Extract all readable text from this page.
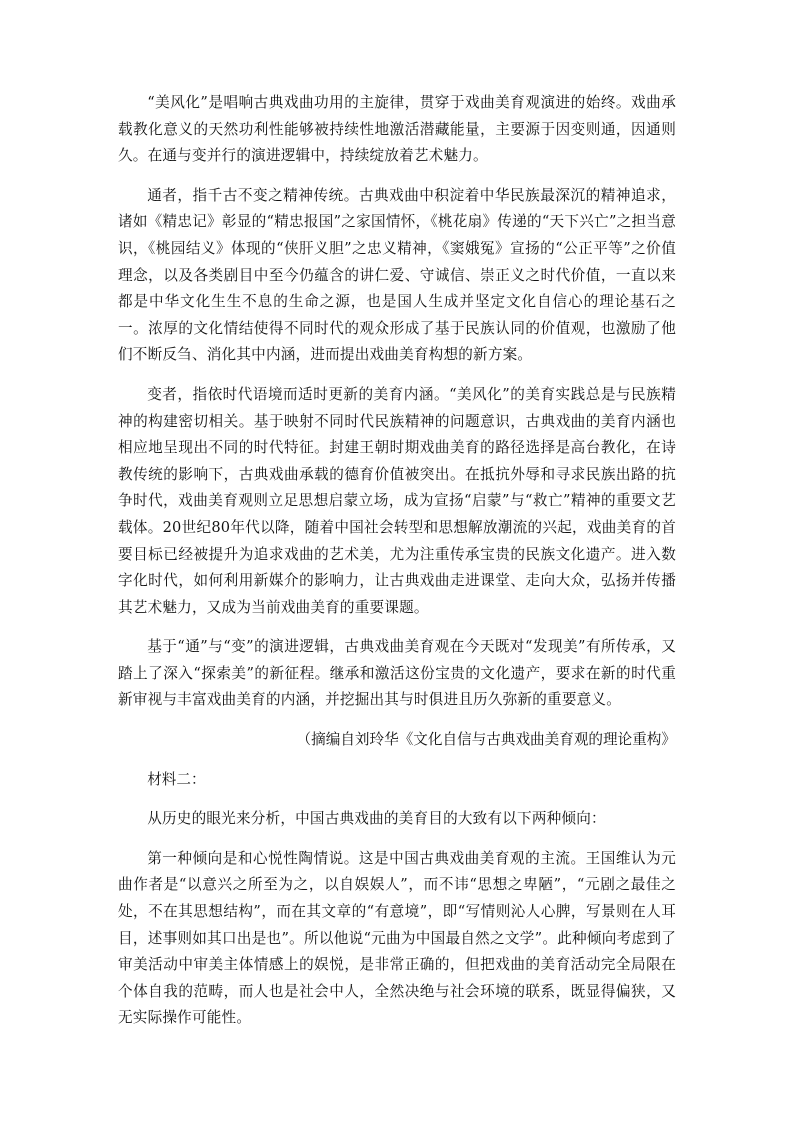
“美风化”是唱响古典戏曲功用的主旋律，贯穿于戏曲美育观演进的始终。戏曲承载教化意义的天然功利性能够被持续性地激活潜藏能量，主要源于因变则通，因通则久。在通与变并行的演进逻辑中，持续绽放着艺术魅力。

通者，指千古不变之精神传统。古典戏曲中积淀着中华民族最深沉的精神追求，诸如《精忠记》彰显的“精忠报国”之家国情怀，《桃花扇》传递的“天下兴亡”之担当意识，《桃园结义》体现的“侠肝义胆”之忠义精神，《窦娥冤》宣扬的“公正平等”之价值理念，以及各类剧目中至今仍蕴含的讲仁爱、守诚信、崇正义之时代价值，一直以来都是中华文化生生不息的生命之源，也是国人生成并坚定文化自信心的理论基石之一。浓厚的文化情结使得不同时代的观众形成了基于民族认同的价值观，也激励了他们不断反刍、消化其中内涵，进而提出戏曲美育构想的新方案。

变者，指依时代语境而适时更新的美育内涵。“美风化”的美育实践总是与民族精神的构建密切相关。基于映射不同时代民族精神的问题意识，古典戏曲的美育内涵也相应地呈现出不同的时代特征。封建王朝时期戏曲美育的路径选择是高台教化，在诗教传统的影响下，古典戏曲承载的德育价值被突出。在抵抗外辱和寻求民族出路的抗争时代，戏曲美育观则立足思想启蒙立场，成为宣扬“启蒙”与“救亡”精神的重要文艺载体。20世纪80年代以降，随着中国社会转型和思想解放潮流的兴起，戏曲美育的首要目标已经被提升为追求戏曲的艺术美，尤为注重传承宝贵的民族文化遗产。进入数字化时代，如何利用新媒介的影响力，让古典戏曲走进课堂、走向大众，弘扬并传播其艺术魅力，又成为当前戏曲美育的重要课题。

基于“通”与“变”的演进逻辑，古典戏曲美育观在今天既对“发现美”有所传承，又踏上了深入“探索美”的新征程。继承和激活这份宝贵的文化遗产，要求在新的时代重新审视与丰富戏曲美育的内涵，并挖掘出其与时俱进且历久弥新的重要意义。

（摘编自刘玲华《文化自信与古典戏曲美育观的理论重构》

材料二：

从历史的眼光来分析，中国古典戏曲的美育目的大致有以下两种倾向：

第一种倾向是和心悦性陶情说。这是中国古典戏曲美育观的主流。王国维认为元曲作者是“以意兴之所至为之，以自娱娱人”，而不讳“思想之卑陋”，“元剧之最佳之处，不在其思想结构”，而在其文章的“有意境”，即“写情则沁人心脾，写景则在人耳目，述事则如其口出是也”。所以他说“元曲为中国最自然之文学”。此种倾向考虑到了审美活动中审美主体情感上的娱悦，是非常正确的，但把戏曲的美育活动完全局限在个体自我的范畴，而人也是社会中人，全然决绝与社会环境的联系，既显得偏狭，又无实际操作可能性。
